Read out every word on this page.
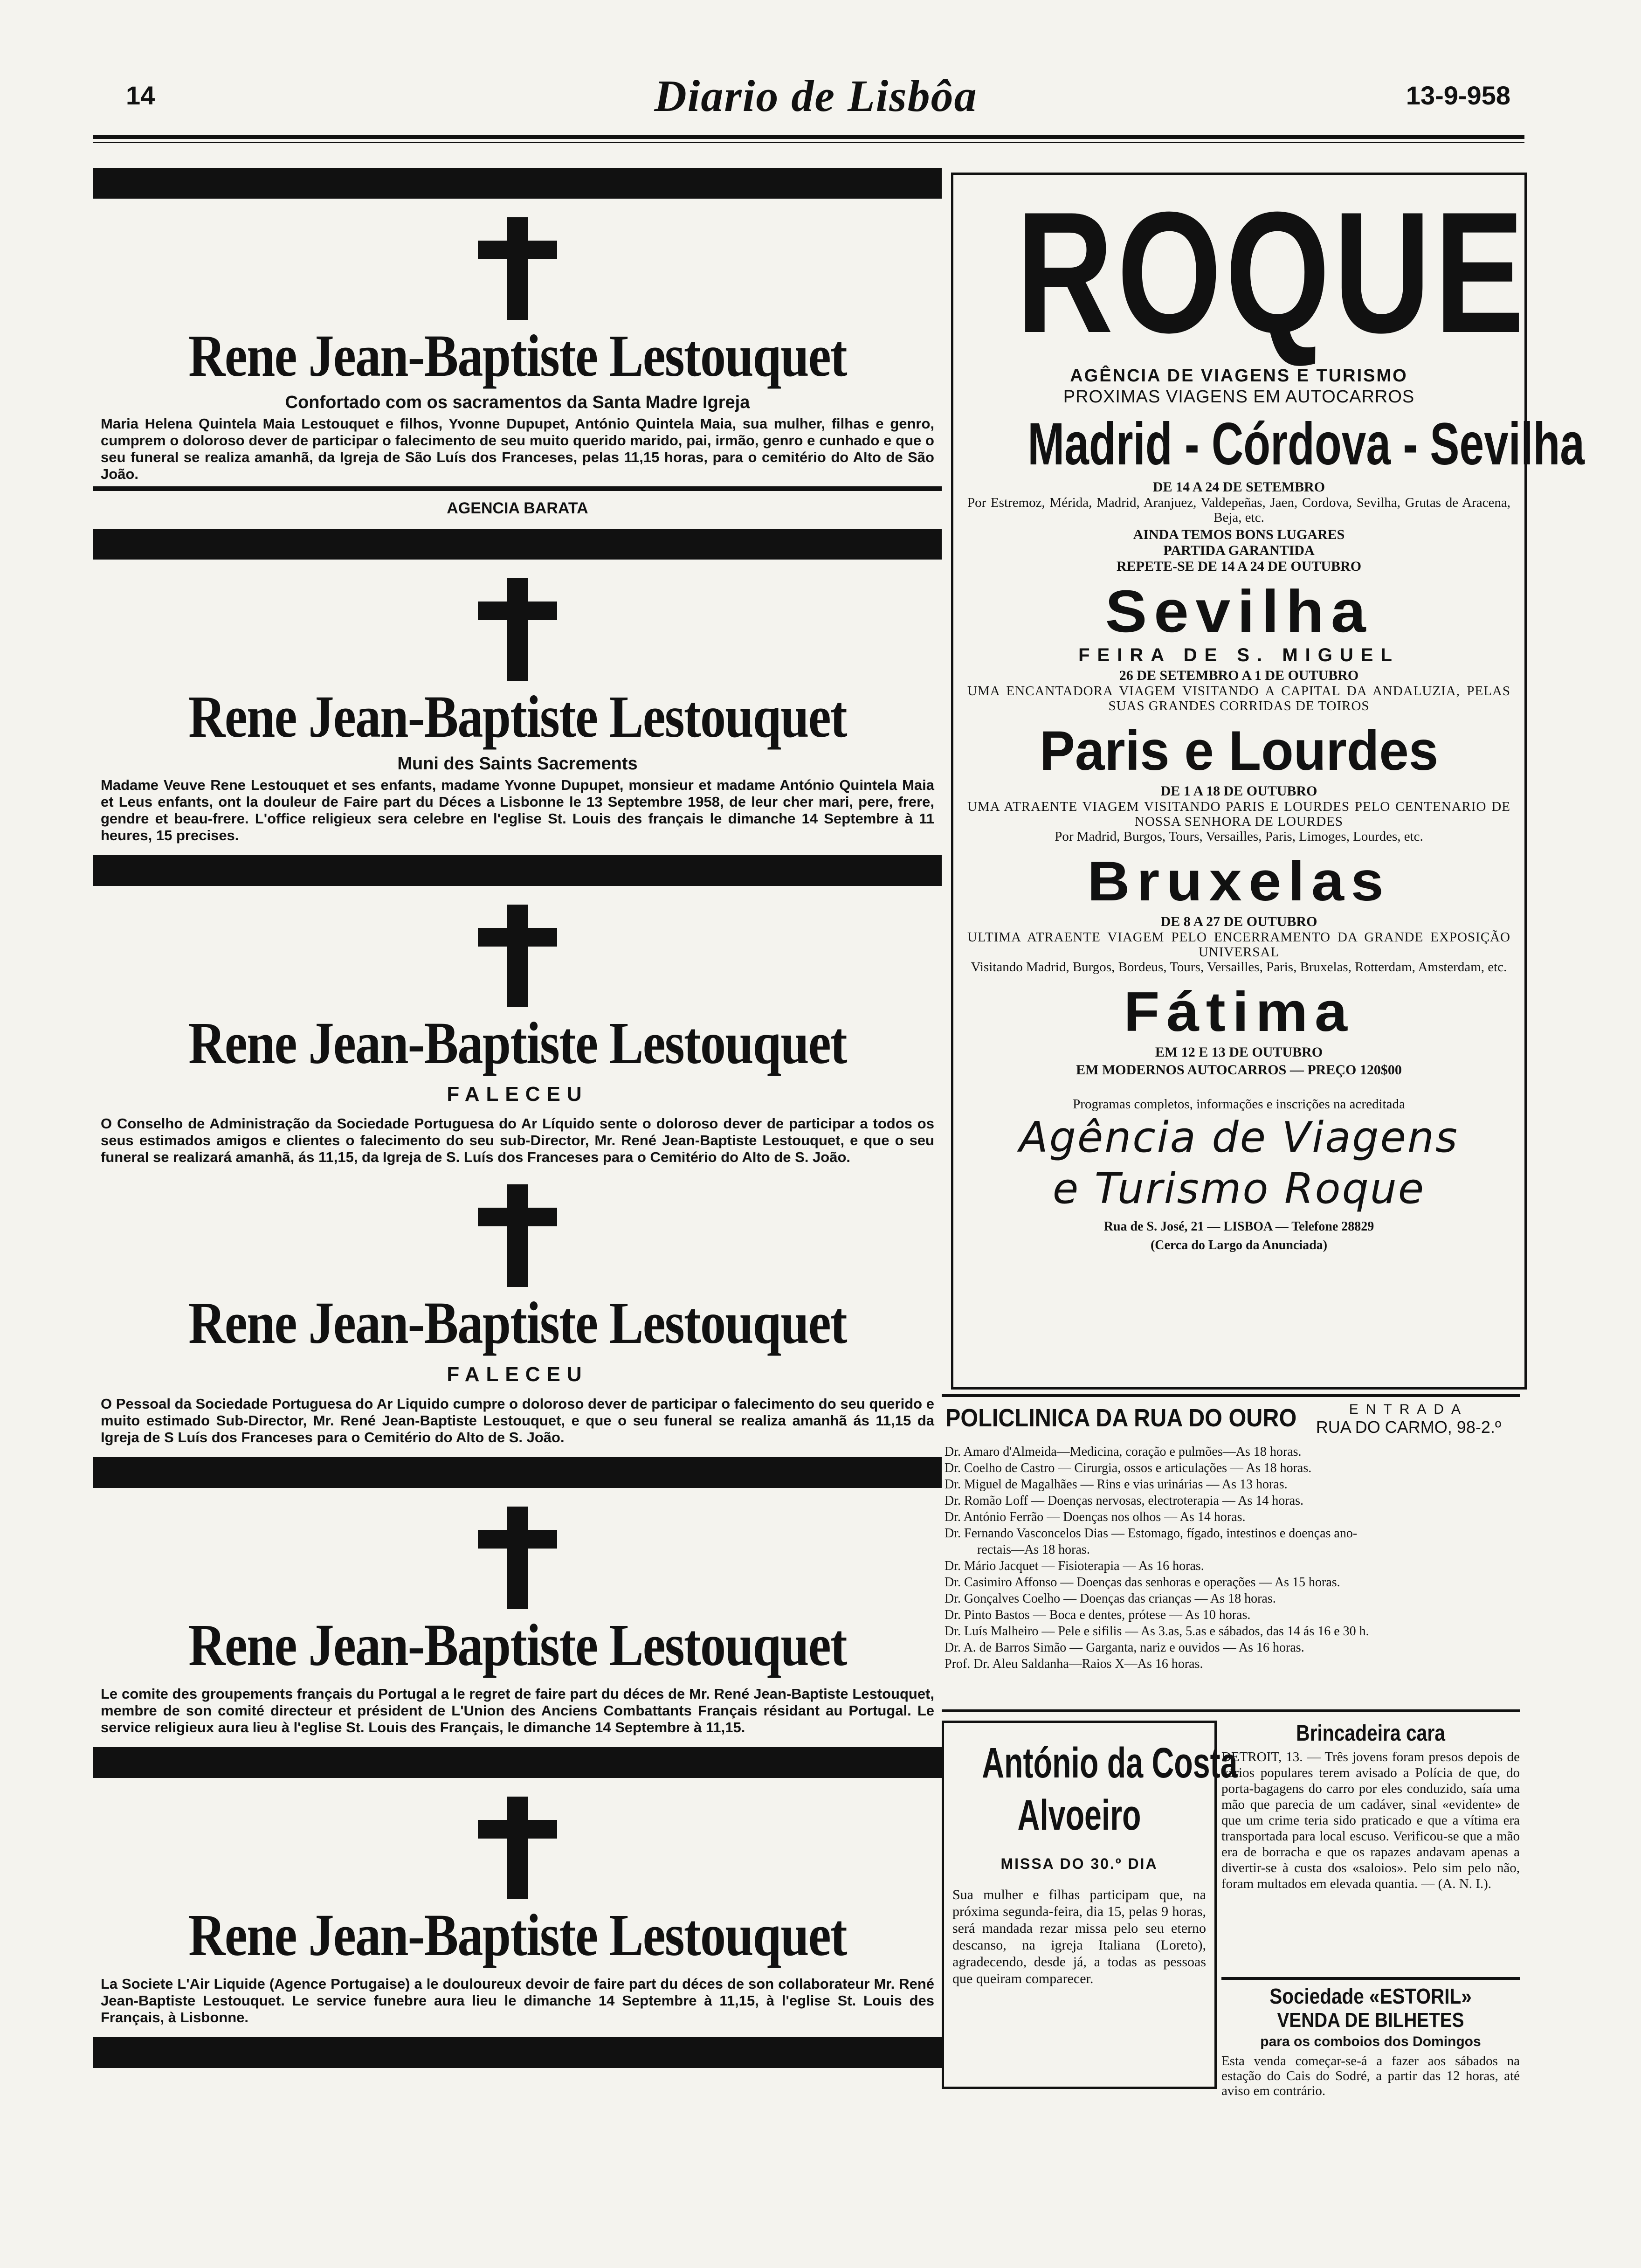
14	Diario de Lisbôa	13-9-958
Rene Jean-Baptiste Lestouquet
Confortado com os sacramentos da Santa Madre Igreja
Maria Helena Quintela Maia Lestouquet e filhos, Yvonne Dupupet, António Quintela Maia, sua mulher, filhas e genro, cumprem o doloroso dever de participar o falecimento de seu muito querido marido, pai, irmão, genro e cunhado e que o seu funeral se realiza amanhã, da Igreja de São Luís dos Franceses, pelas 11,15 horas, para o cemitério do Alto de São João.
AGENCIA BARATA
Rene Jean-Baptiste Lestouquet
Muni des Saints Sacrements
Madame Veuve Rene Lestouquet et ses enfants, madame Yvonne Dupupet, monsieur et madame António Quintela Maia et Leus enfants, ont la douleur de Faire part du Déces a Lisbonne le 13 Septembre 1958, de leur cher mari, pere, frere, gendre et beau-frere. L'office religieux sera celebre en l'eglise St. Louis des français le dimanche 14 Septembre à 11 heures, 15 precises.
Rene Jean-Baptiste Lestouquet
FALECEU
O Conselho de Administração da Sociedade Portuguesa do Ar Líquido sente o doloroso dever de participar a todos os seus estimados amigos e clientes o falecimento do seu sub-Director, Mr. René Jean-Baptiste Lestouquet, e que o seu funeral se realizará amanhã, ás 11,15, da Igreja de S. Luís dos Franceses para o Cemitério do Alto de S. João.
Rene Jean-Baptiste Lestouquet
FALECEU
O Pessoal da Sociedade Portuguesa do Ar Liquido cumpre o doloroso dever de participar o falecimento do seu querido e muito estimado Sub-Director, Mr. René Jean-Baptiste Lestouquet, e que o seu funeral se realiza amanhã ás 11,15 da Igreja de S Luís dos Franceses para o Cemitério do Alto de S. João.
Rene Jean-Baptiste Lestouquet
Le comite des groupements français du Portugal a le regret de faire part du déces de Mr. René Jean-Baptiste Lestouquet, membre de son comité directeur et président de L'Union des Anciens Combattants Français résidant au Portugal. Le service religieux aura lieu à l'eglise St. Louis des Français, le dimanche 14 Septembre à 11,15.
Rene Jean-Baptiste Lestouquet
La Societe L'Air Liquide (Agence Portugaise) a le douloureux devoir de faire part du déces de son collaborateur Mr. René Jean-Baptiste Lestouquet. Le service funebre aura lieu le dimanche 14 Septembre à 11,15, à l'eglise St. Louis des Français, à Lisbonne.
ROQUE
AGÊNCIA DE VIAGENS E TURISMO
PROXIMAS VIAGENS EM AUTOCARROS
Madrid - Córdova - Sevilha
DE 14 A 24 DE SETEMBRO
Por Estremoz, Mérida, Madrid, Aranjuez, Valdepeñas, Jaen, Cordova, Sevilha, Grutas de Aracena, Beja, etc.
AINDA TEMOS BONS LUGARES
PARTIDA GARANTIDA
REPETE-SE DE 14 A 24 DE OUTUBRO
Sevilha
FEIRA DE S. MIGUEL
26 DE SETEMBRO A 1 DE OUTUBRO
UMA ENCANTADORA VIAGEM VISITANDO A CAPITAL DA ANDALUZIA, PELAS SUAS GRANDES CORRIDAS DE TOIROS
Paris e Lourdes
DE 1 A 18 DE OUTUBRO
UMA ATRAENTE VIAGEM VISITANDO PARIS E LOURDES PELO CENTENARIO DE NOSSA SENHORA DE LOURDES
Por Madrid, Burgos, Tours, Versailles, Paris, Limoges, Lourdes, etc.
Bruxelas
DE 8 A 27 DE OUTUBRO
ULTIMA ATRAENTE VIAGEM PELO ENCERRAMENTO DA GRANDE EXPOSIÇÃO UNIVERSAL
Visitando Madrid, Burgos, Bordeus, Tours, Versailles, Paris, Bruxelas, Rotterdam, Amsterdam, etc.
Fátima
EM 12 E 13 DE OUTUBRO
EM MODERNOS AUTOCARROS — PREÇO 120$00
Programas completos, informações e inscrições na acreditada
Agência de Viagens
e Turismo Roque
Rua de S. José, 21 — LISBOA — Telefone 28829
(Cerca do Largo da Anunciada)
POLICLINICA DA RUA DO OURO	ENTRADA
RUA DO CARMO, 98-2.º
Dr. Amaro d'Almeida—Medicina, coração e pulmões—As 18 horas.
Dr. Coelho de Castro — Cirurgia, ossos e articulações — As 18 horas.
Dr. Miguel de Magalhães — Rins e vias urinárias — As 13 horas.
Dr. Romão Loff — Doenças nervosas, electroterapia — As 14 horas.
Dr. António Ferrão — Doenças nos olhos — As 14 horas.
Dr. Fernando Vasconcelos Dias — Estomago, fígado, intestinos e doenças ano-
rectais—As 18 horas.
Dr. Mário Jacquet — Fisioterapia — As 16 horas.
Dr. Casimiro Affonso — Doenças das senhoras e operações — As 15 horas.
Dr. Gonçalves Coelho — Doenças das crianças — As 18 horas.
Dr. Pinto Bastos — Boca e dentes, prótese — As 10 horas.
Dr. Luís Malheiro — Pele e sifilis — As 3.as, 5.as e sábados, das 14 ás 16 e 30 h.
Dr. A. de Barros Simão — Garganta, nariz e ouvidos — As 16 horas.
Prof. Dr. Aleu Saldanha—Raios X—As 16 horas.
António da Costa
Alvoeiro
MISSA DO 30.º DIA
Sua mulher e filhas participam que, na próxima segunda-feira, dia 15, pelas 9 horas, será mandada rezar missa pelo seu eterno descanso, na igreja Italiana (Loreto), agradecendo, desde já, a todas as pessoas que queiram comparecer.
Brincadeira cara
DETROIT, 13. — Três jovens foram presos depois de vários populares terem avisado a Polícia de que, do porta-bagagens do carro por eles conduzido, saía uma mão que parecia de um cadáver, sinal «evidente» de que um crime teria sido praticado e que a vítima era transportada para local escuso. Verificou-se que a mão era de borracha e que os rapazes andavam apenas a divertir-se à custa dos «saloios». Pelo sim pelo não, foram multados em elevada quantia. — (A. N. I.).
Sociedade «ESTORIL»
VENDA DE BILHETES
para os comboios dos Domingos
Esta venda começar-se-á a fazer aos sábados na estação do Cais do Sodré, a partir das 12 horas, até aviso em contrário.
